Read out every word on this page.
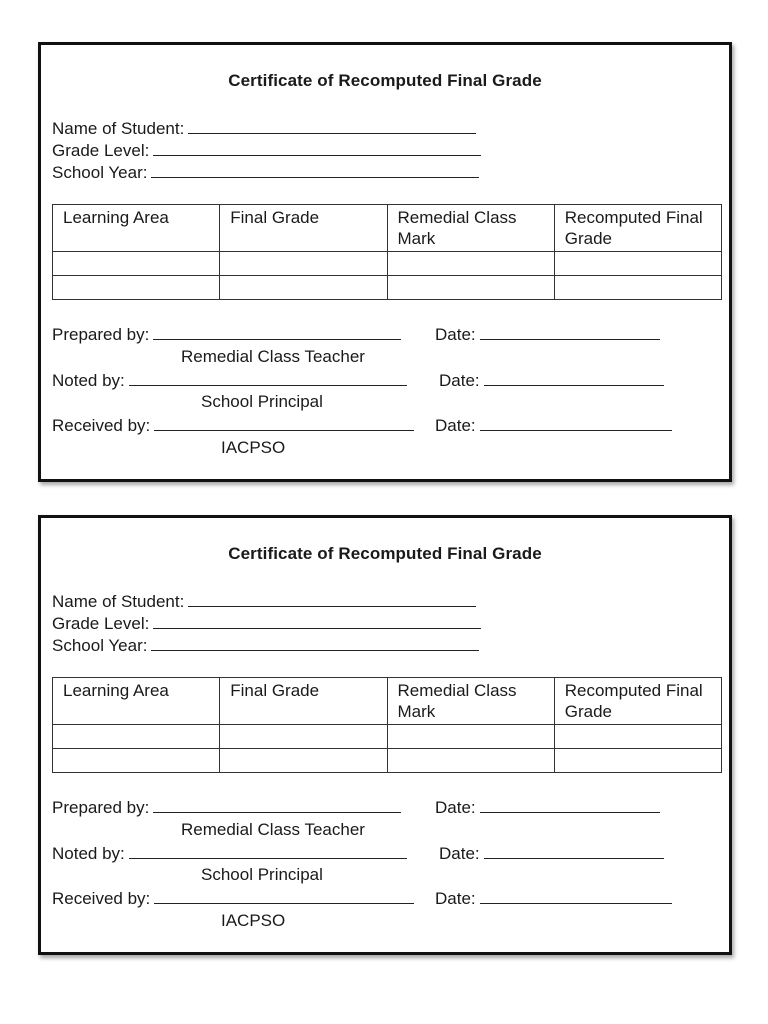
Certificate of Recomputed Final Grade
Name of Student:
Grade Level:
School Year:
Learning Area	Final Grade	Remedial Class Mark	Recomputed Final Grade

Prepared by:
Remedial Class Teacher
Date:
Noted by:
School Principal
Date:
Received by:
IACPSO
Date:
Certificate of Recomputed Final Grade
Name of Student:
Grade Level:
School Year:
Learning Area	Final Grade	Remedial Class Mark	Recomputed Final Grade

Prepared by:
Remedial Class Teacher
Date:
Noted by:
School Principal
Date:
Received by:
IACPSO
Date:
